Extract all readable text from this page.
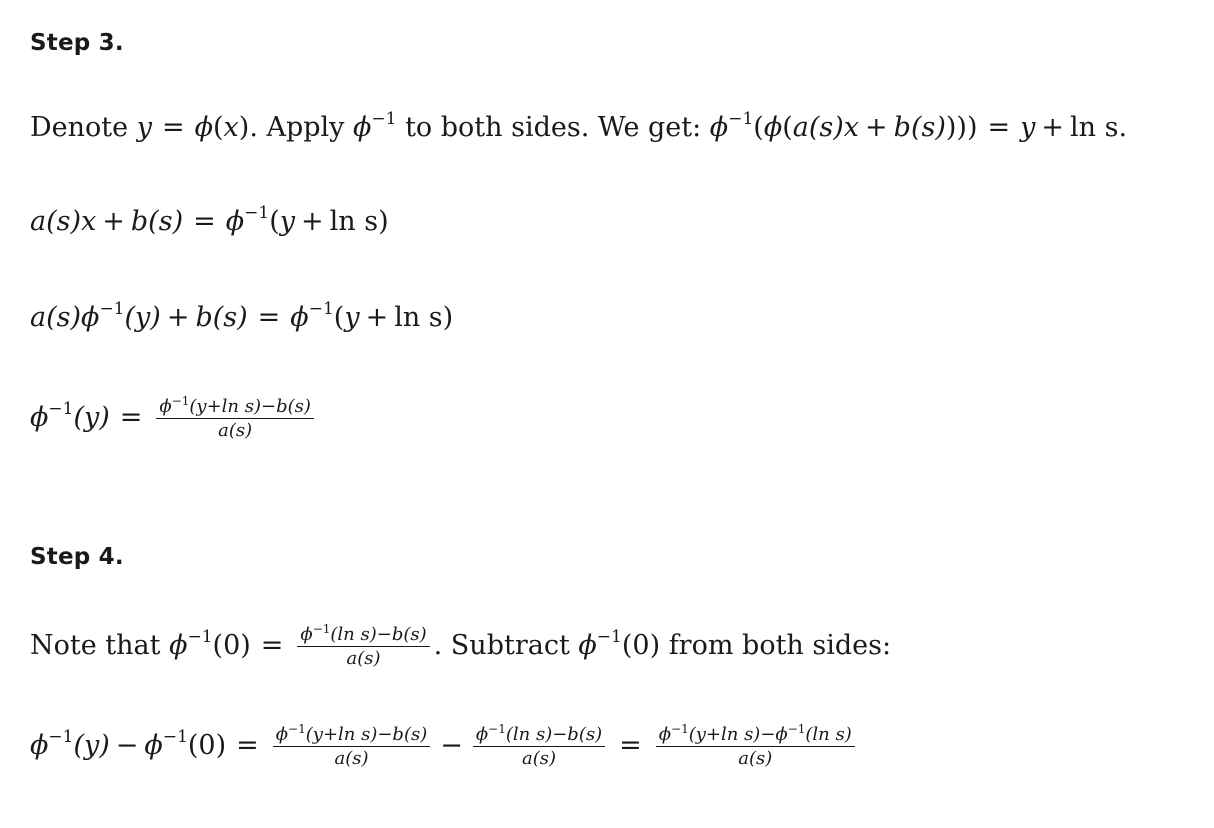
Step 3.
Denote y = ϕ(x). Apply $\phi^{-1}$ to both sides. We get: $\phi^{-1}(\phi(a(s)x + b(s)))) = y + \ln s$.
$a(s)x + b(s) = \phi^{-1}(y + \ln s)$
$a(s)\phi^{-1}(y) + b(s) = \phi^{-1}(y + \ln s)$
$\phi^{-1}(y) = \frac{\phi^{-1}(y+\ln s)-b(s)}{a(s)}$
Step 4.
Note that $\phi^{-1}(0) = \frac{\phi^{-1}(\ln s)-b(s)}{a(s)}$ . Subtract $\phi^{-1}(0)$ from both sides:
$\phi^{-1}(y) - \phi^{-1}(0) = \frac{\phi^{-1}(y+\ln s)-b(s)}{a(s)} - \frac{\phi^{-1}(\ln s)-b(s)}{a(s)} = \frac{\phi^{-1}(y+\ln s)-\phi^{-1}(\ln s)}{a(s)}$
